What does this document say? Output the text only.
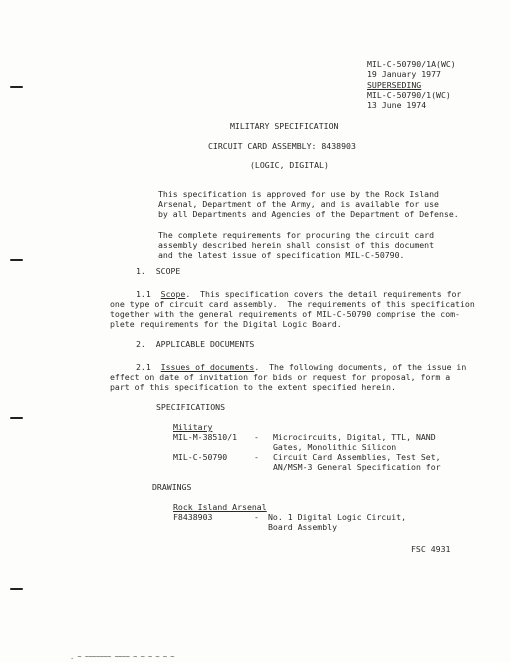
MIL-C-50790/1A(WC)
19 January 1977
SUPERSEDING
MIL-C-50790/1(WC)
13 June 1974
MILITARY SPECIFICATION
CIRCUIT CARD ASSEMBLY: 8438903
(LOGIC, DIGITAL)
This specification is approved for use by the Rock Island
Arsenal, Department of the Army, and is available for use
by all Departments and Agencies of the Department of Defense.
The complete requirements for procuring the circuit card
assembly described herein shall consist of this document
and the latest issue of specification MIL-C-50790.
1.  SCOPE
1.1 Scope.  This specification covers the detail requirements for
one type of circuit card assembly.  The requirements of this specification
together with the general requirements of MIL-C-50790 comprise the com-
plete requirements for the Digital Logic Board.
2.  APPLICABLE DOCUMENTS
2.1 Issues of documents.  The following documents, of the issue in
effect on date of invitation for bids or request for proposal, form a
part of this specification to the extent specified herein.
SPECIFICATIONS
Military
MIL-M-38510/1 - Microcircuits, Digital, TTL, NAND
Gates, Monolithic Silicon
MIL-C-50790	- Circuit Card Assemblies, Test Set,
AN/MSM-3 General Specification for
DRAWINGS
Rock Island Arsenal
F8438903	- No. 1 Digital Logic Circuit,
Board Assembly
FSC 4931
. ~ ~~~~~~~ ~~~~ ~ ~ ~ ~ ~ ~
